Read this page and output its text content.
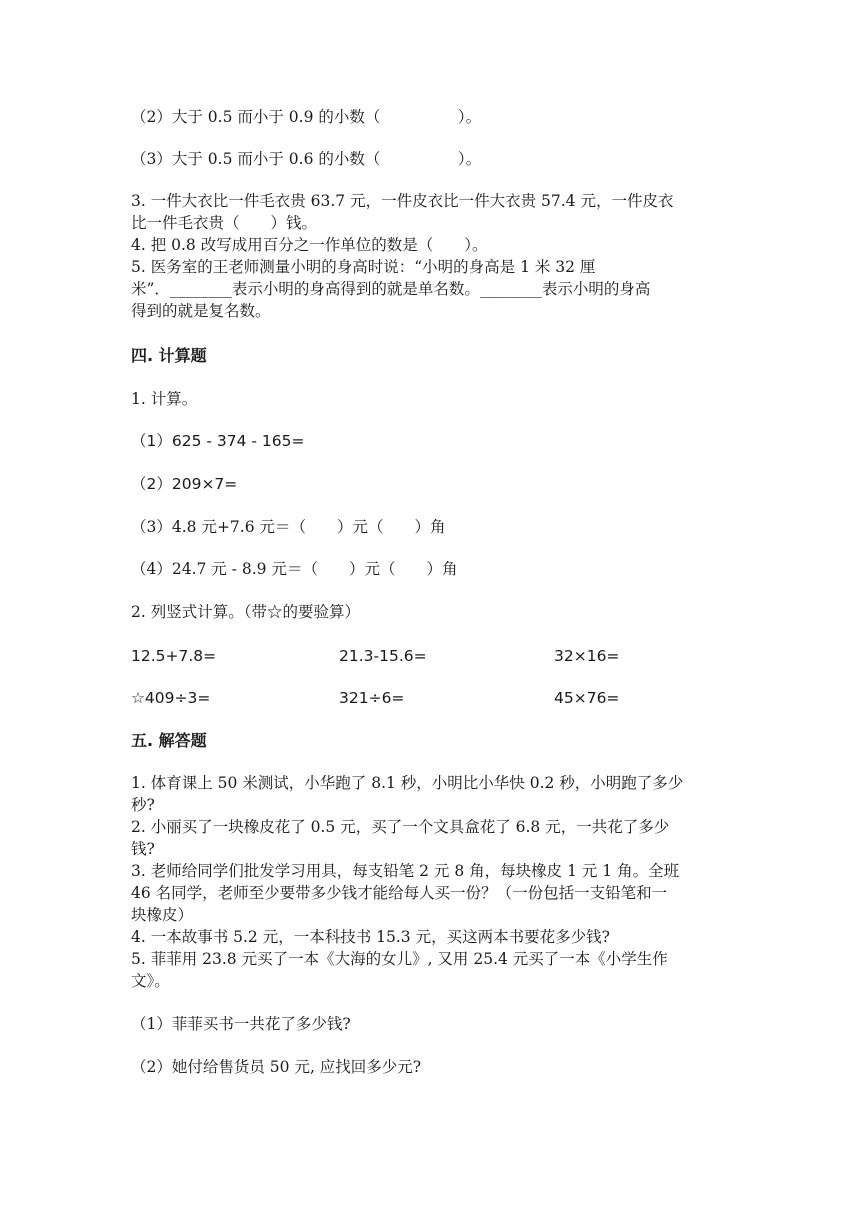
（2）大于 0.5 而小于 0.9 的小数（　　　　　）。
（3）大于 0.5 而小于 0.6 的小数（　　　　　）。

3. 一件大衣比一件毛衣贵 63.7 元，一件皮衣比一件大衣贵 57.4 元，一件皮衣

比一件毛衣贵（　　）钱。

4. 把 0.8 改写成用百分之一作单位的数是（　　）。

5. 医务室的王老师测量小明的身高时说：“小明的身高是 1 米 32 厘

米”．________表示小明的身高得到的就是单名数。________表示小明的身高

得到的就是复名数。

四. 计算题
1. 计算。
（1）625 - 374 - 165=
（2）209×7=
（3）4.8 元+7.6 元＝（　　）元（　　）角
（4）24.7 元 - 8.9 元＝（　　）元（　　）角
2. 列竖式计算。（带☆的要验算）
12.5+7.8=	21.3-15.6=	32×16=
☆409÷3=	321÷6=	45×76=
五. 解答题

1. 体育课上 50 米测试，小华跑了 8.1 秒，小明比小华快 0.2 秒，小明跑了多少

秒?

2. 小丽买了一块橡皮花了 0.5 元，买了一个文具盒花了 6.8 元，一共花了多少

钱?

3. 老师给同学们批发学习用具，每支铅笔 2 元 8 角，每块橡皮 1 元 1 角。全班

46 名同学，老师至少要带多少钱才能给每人买一份？（一份包括一支铅笔和一

块橡皮）

4. 一本故事书 5.2 元，一本科技书 15.3 元，买这两本书要花多少钱?

5. 菲菲用 23.8 元买了一本《大海的女儿》, 又用 25.4 元买了一本《小学生作

文》。

（1）菲菲买书一共花了多少钱?
（2）她付给售货员 50 元, 应找回多少元?
